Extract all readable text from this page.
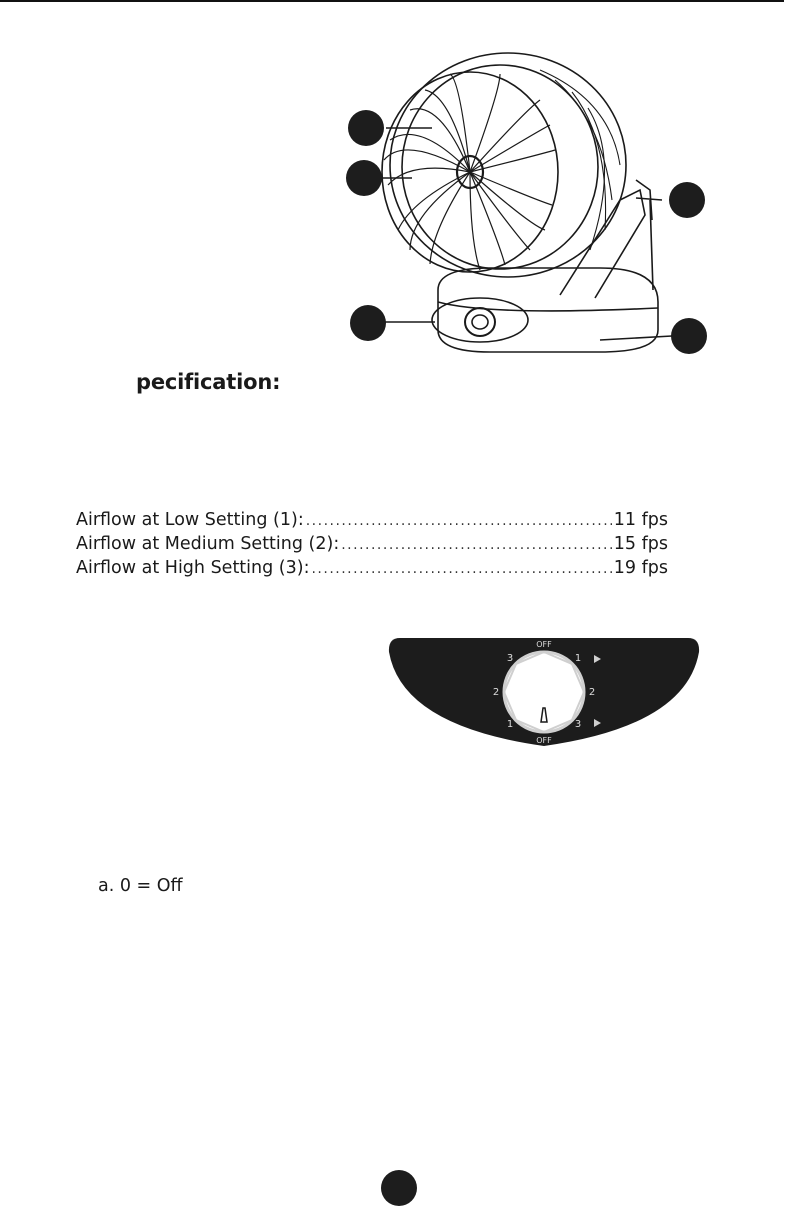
pecification:
Airflow at Low Setting (1): .....	11 fps
Airflow at Medium Setting (2): .....	15 fps
Airflow at High Setting (3): .....	19 fps
OFF
3	1
2	2
1
OFF
3
a. 0 = Off
